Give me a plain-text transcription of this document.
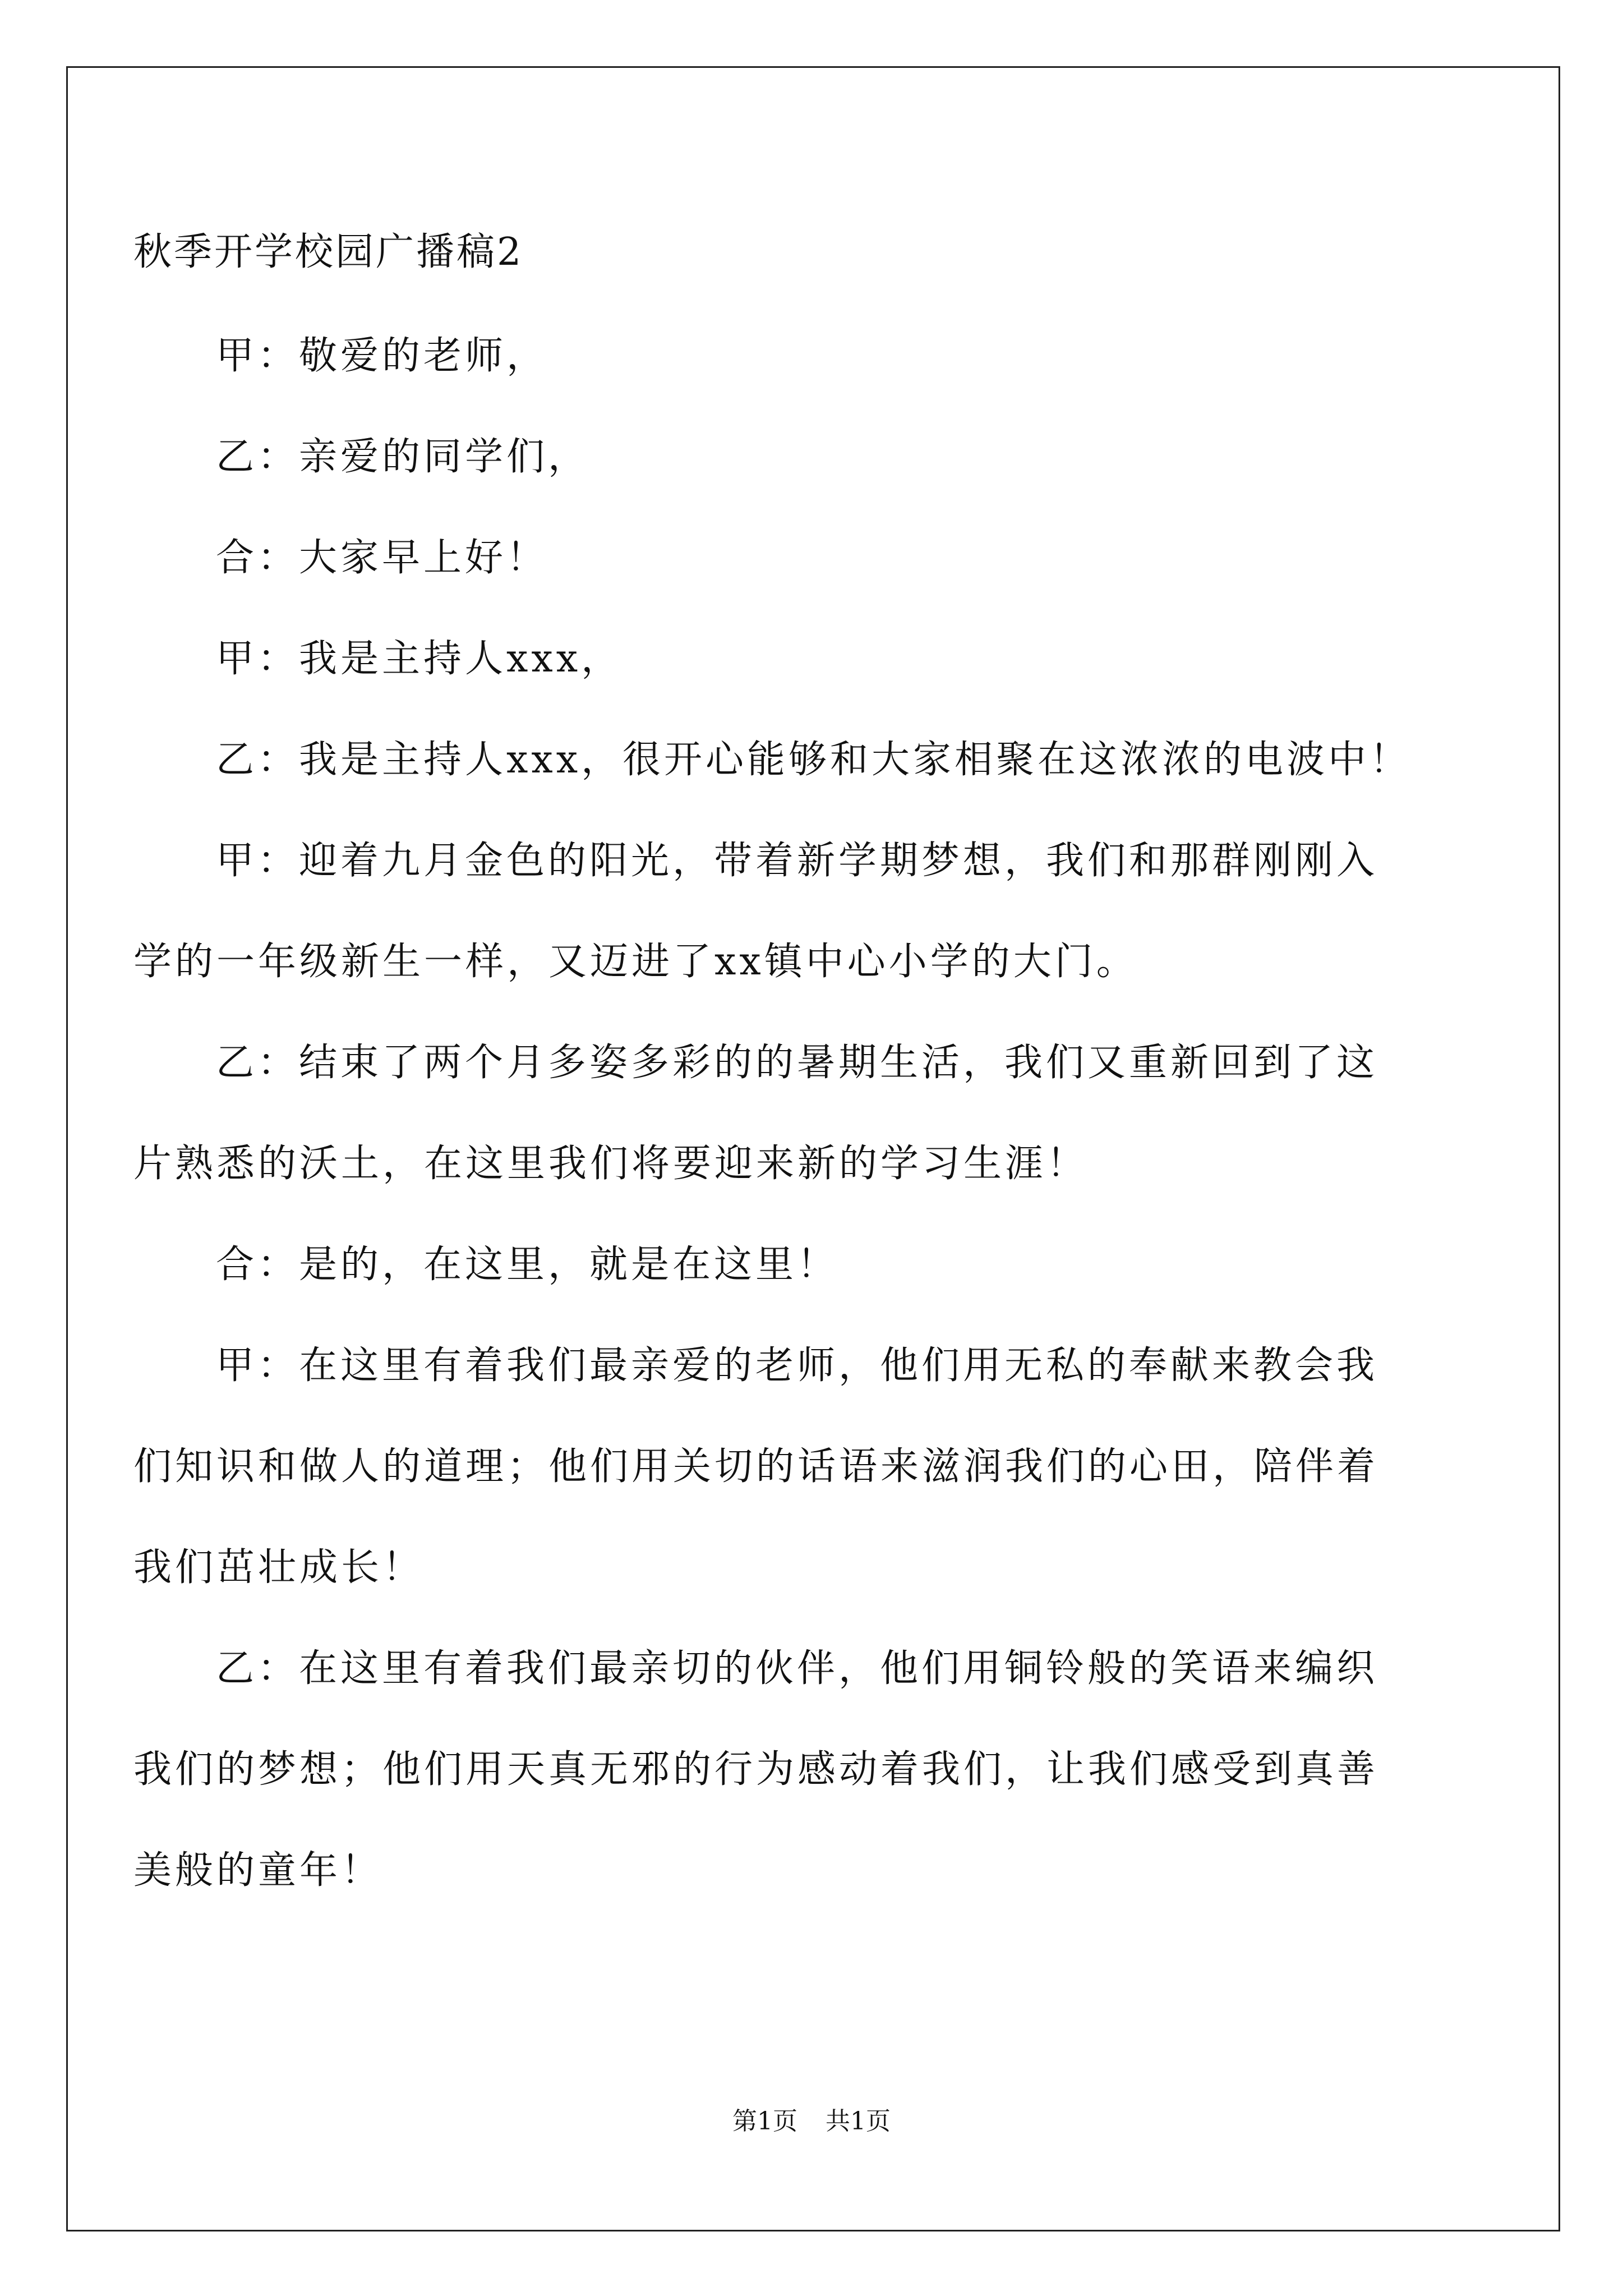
秋季开学校园广播稿2
甲：敬爱的老师，
乙：亲爱的同学们，
合：大家早上好！
甲：我是主持人xxx，
乙：我是主持人xxx，很开心能够和大家相聚在这浓浓的电波中！
甲：迎着九月金色的阳光，带着新学期梦想，我们和那群刚刚入
学的一年级新生一样，又迈进了xx镇中心小学的大门。
乙：结束了两个月多姿多彩的的暑期生活，我们又重新回到了这
片熟悉的沃土，在这里我们将要迎来新的学习生涯！
合：是的，在这里，就是在这里！
甲：在这里有着我们最亲爱的老师，他们用无私的奉献来教会我
们知识和做人的道理；他们用关切的话语来滋润我们的心田，陪伴着
我们茁壮成长！
乙：在这里有着我们最亲切的伙伴，他们用铜铃般的笑语来编织
我们的梦想；他们用天真无邪的行为感动着我们，让我们感受到真善
美般的童年！
第1页 共1页
